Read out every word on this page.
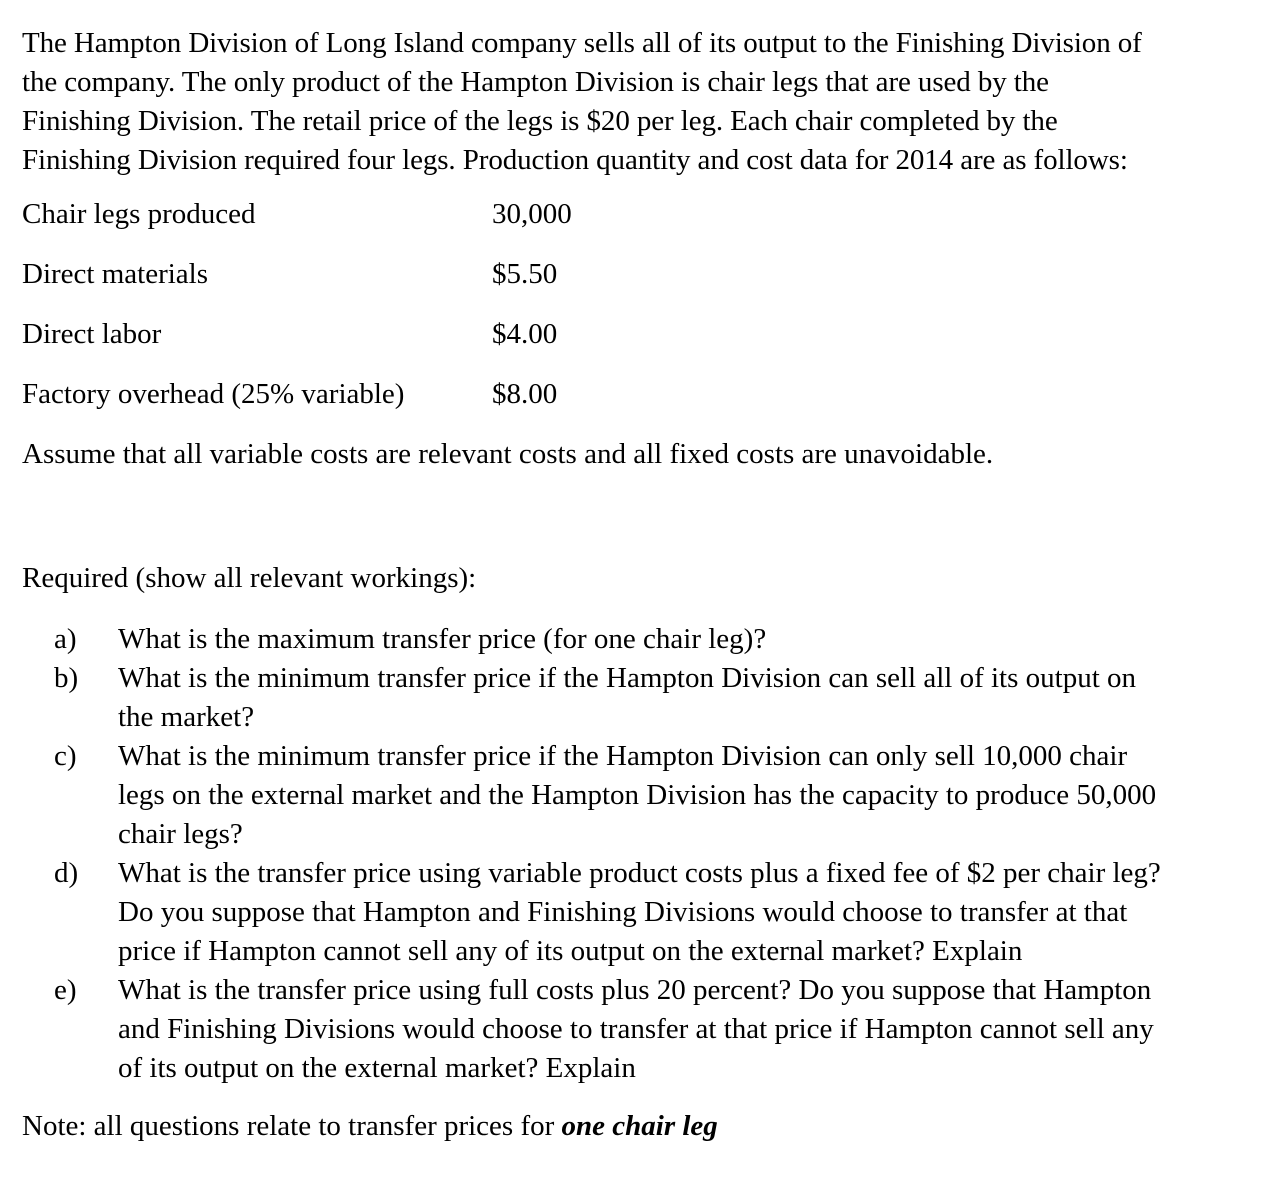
The Hampton Division of Long Island company sells all of its output to the Finishing Division of
the company. The only product of the Hampton Division is chair legs that are used by the
Finishing Division. The retail price of the legs is $20 per leg. Each chair completed by the
Finishing Division required four legs. Production quantity and cost data for 2014 are as follows:

Chair legs produced	30,000
Direct materials	$5.50
Direct labor	$4.00
Factory overhead (25% variable)	$8.00

Assume that all variable costs are relevant costs and all fixed costs are unavoidable.

Required (show all relevant workings):

a) What is the maximum transfer price (for one chair leg)?
b) What is the minimum transfer price if the Hampton Division can sell all of its output on
the market?
c) What is the minimum transfer price if the Hampton Division can only sell 10,000 chair
legs on the external market and the Hampton Division has the capacity to produce 50,000
chair legs?
d) What is the transfer price using variable product costs plus a fixed fee of $2 per chair leg?
Do you suppose that Hampton and Finishing Divisions would choose to transfer at that
price if Hampton cannot sell any of its output on the external market? Explain
e) What is the transfer price using full costs plus 20 percent? Do you suppose that Hampton
and Finishing Divisions would choose to transfer at that price if Hampton cannot sell any
of its output on the external market? Explain

Note: all questions relate to transfer prices for one chair leg
